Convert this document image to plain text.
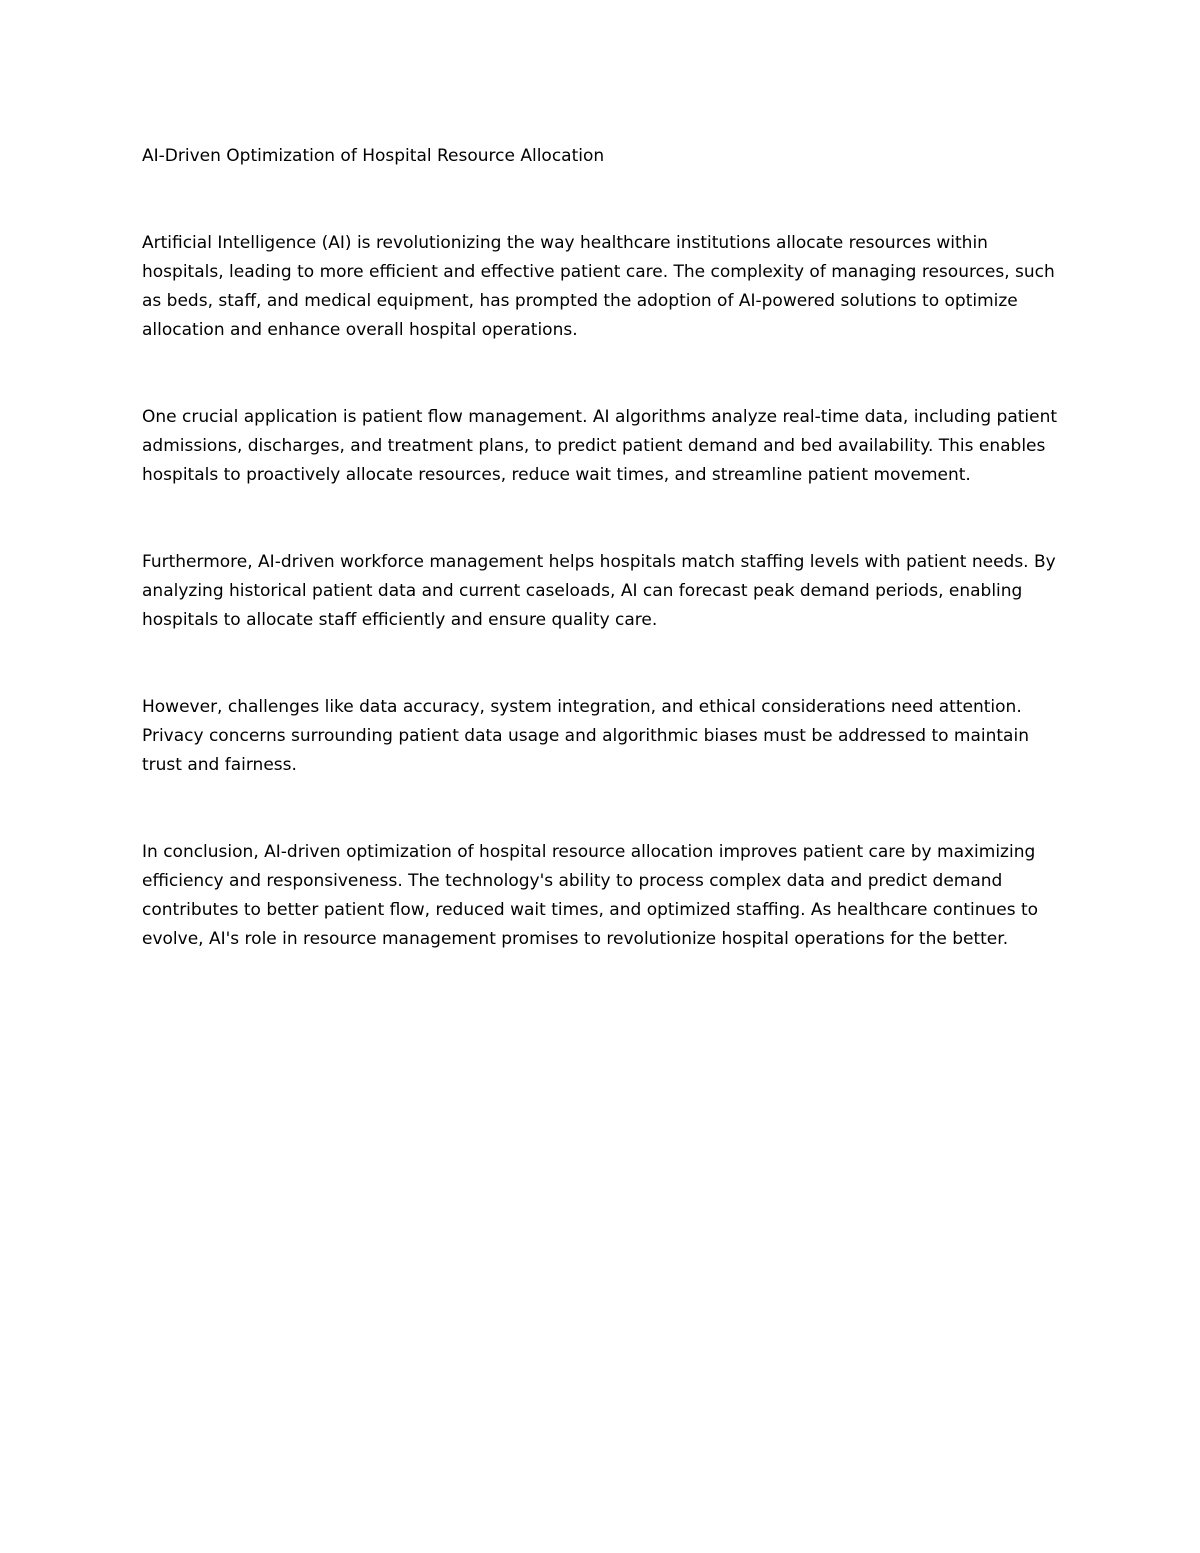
AI-Driven Optimization of Hospital Resource Allocation

Artificial Intelligence (AI) is revolutionizing the way healthcare institutions allocate resources within hospitals, leading to more efficient and effective patient care. The complexity of managing resources, such as beds, staff, and medical equipment, has prompted the adoption of AI-powered solutions to optimize allocation and enhance overall hospital operations.

One crucial application is patient flow management. AI algorithms analyze real-time data, including patient admissions, discharges, and treatment plans, to predict patient demand and bed availability. This enables hospitals to proactively allocate resources, reduce wait times, and streamline patient movement.

Furthermore, AI-driven workforce management helps hospitals match staffing levels with patient needs. By analyzing historical patient data and current caseloads, AI can forecast peak demand periods, enabling hospitals to allocate staff efficiently and ensure quality care.

However, challenges like data accuracy, system integration, and ethical considerations need attention. Privacy concerns surrounding patient data usage and algorithmic biases must be addressed to maintain trust and fairness.

In conclusion, AI-driven optimization of hospital resource allocation improves patient care by maximizing efficiency and responsiveness. The technology's ability to process complex data and predict demand contributes to better patient flow, reduced wait times, and optimized staffing. As healthcare continues to evolve, AI's role in resource management promises to revolutionize hospital operations for the better.
